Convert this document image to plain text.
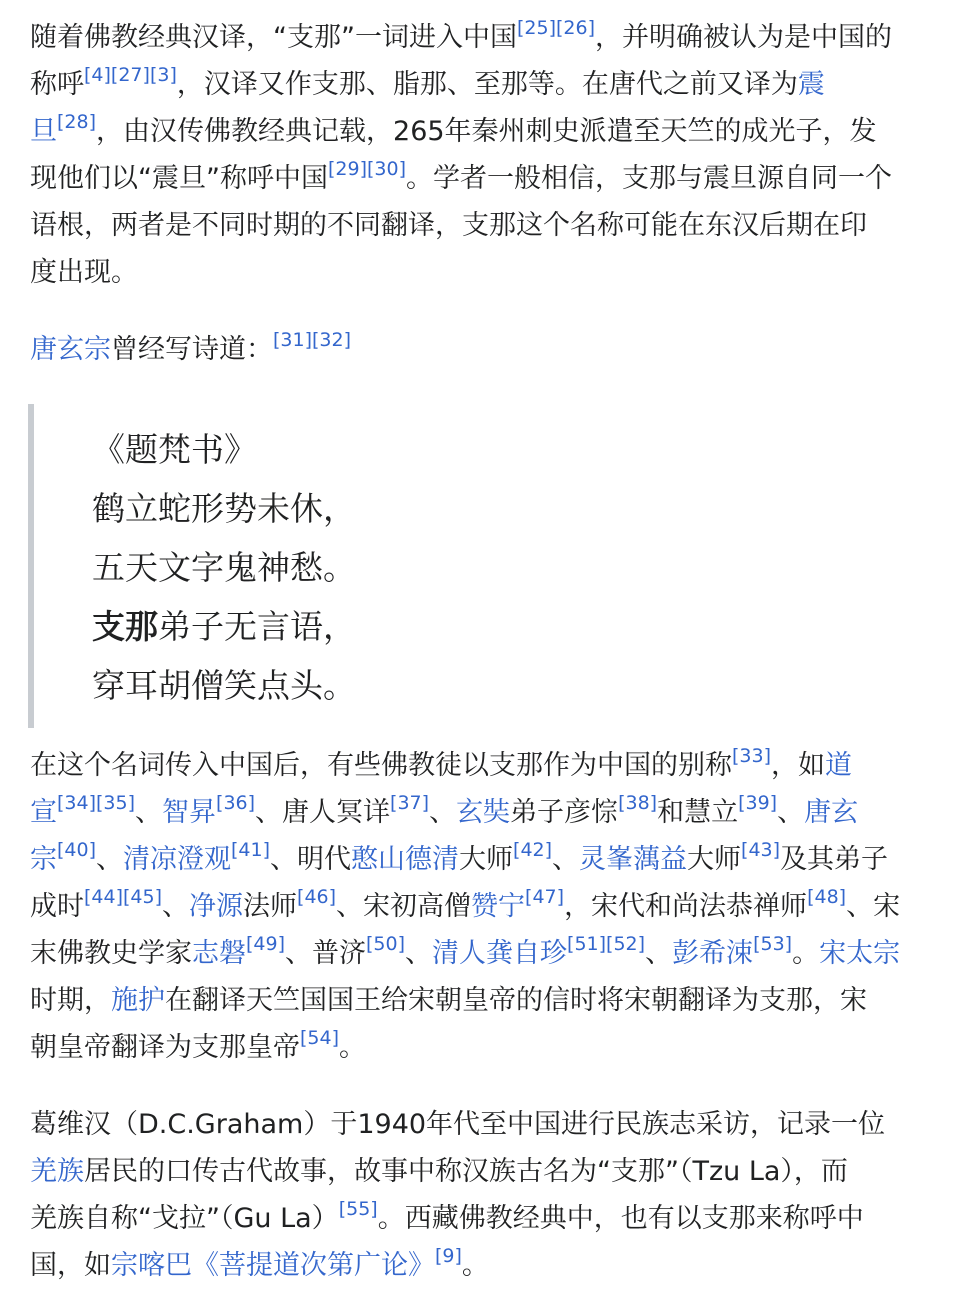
随着佛教经典汉译，“支那”一词进入中国[25][26]，并明确被认为是中国的
称呼[4][27][3]，汉译又作支那、脂那、至那等。在唐代之前又译为震
旦[28]，由汉传佛教经典记载，265年秦州刺史派遣至天竺的成光子，发
现他们以“震旦”称呼中国[29][30]。学者一般相信，支那与震旦源自同一个
语根，两者是不同时期的不同翻译，支那这个名称可能在东汉后期在印
度出现。

唐玄宗曾经写诗道：[31][32]

《题梵书》
鹤立蛇形势未休，
五天文字鬼神愁。
支那弟子无言语，
穿耳胡僧笑点头。

在这个名词传入中国后，有些佛教徒以支那作为中国的别称[33]，如道
宣[34][35]、智昇[36]、唐人冥详[37]、玄奘弟子彦悰[38]和慧立[39]、唐玄
宗[40]、清凉澄观[41]、明代憨山德清大师[42]、灵峯蕅益大师[43]及其弟子
成时[44][45]、净源法师[46]、宋初高僧赞宁[47]，宋代和尚法恭禅师[48]、宋
末佛教史学家志磐[49]、普济[50]、清人龚自珍[51][52]、彭希涑[53]。宋太宗
时期，施护在翻译天竺国国王给宋朝皇帝的信时将宋朝翻译为支那，宋
朝皇帝翻译为支那皇帝[54]。

葛维汉（D.C.Graham）于1940年代至中国进行民族志采访，记录一位
羌族居民的口传古代故事，故事中称汉族古名为“支那”（Tzu La），而
羌族自称“戈拉”（Gu La）[55]。西藏佛教经典中，也有以支那来称呼中
国，如宗喀巴《菩提道次第广论》[9]。
